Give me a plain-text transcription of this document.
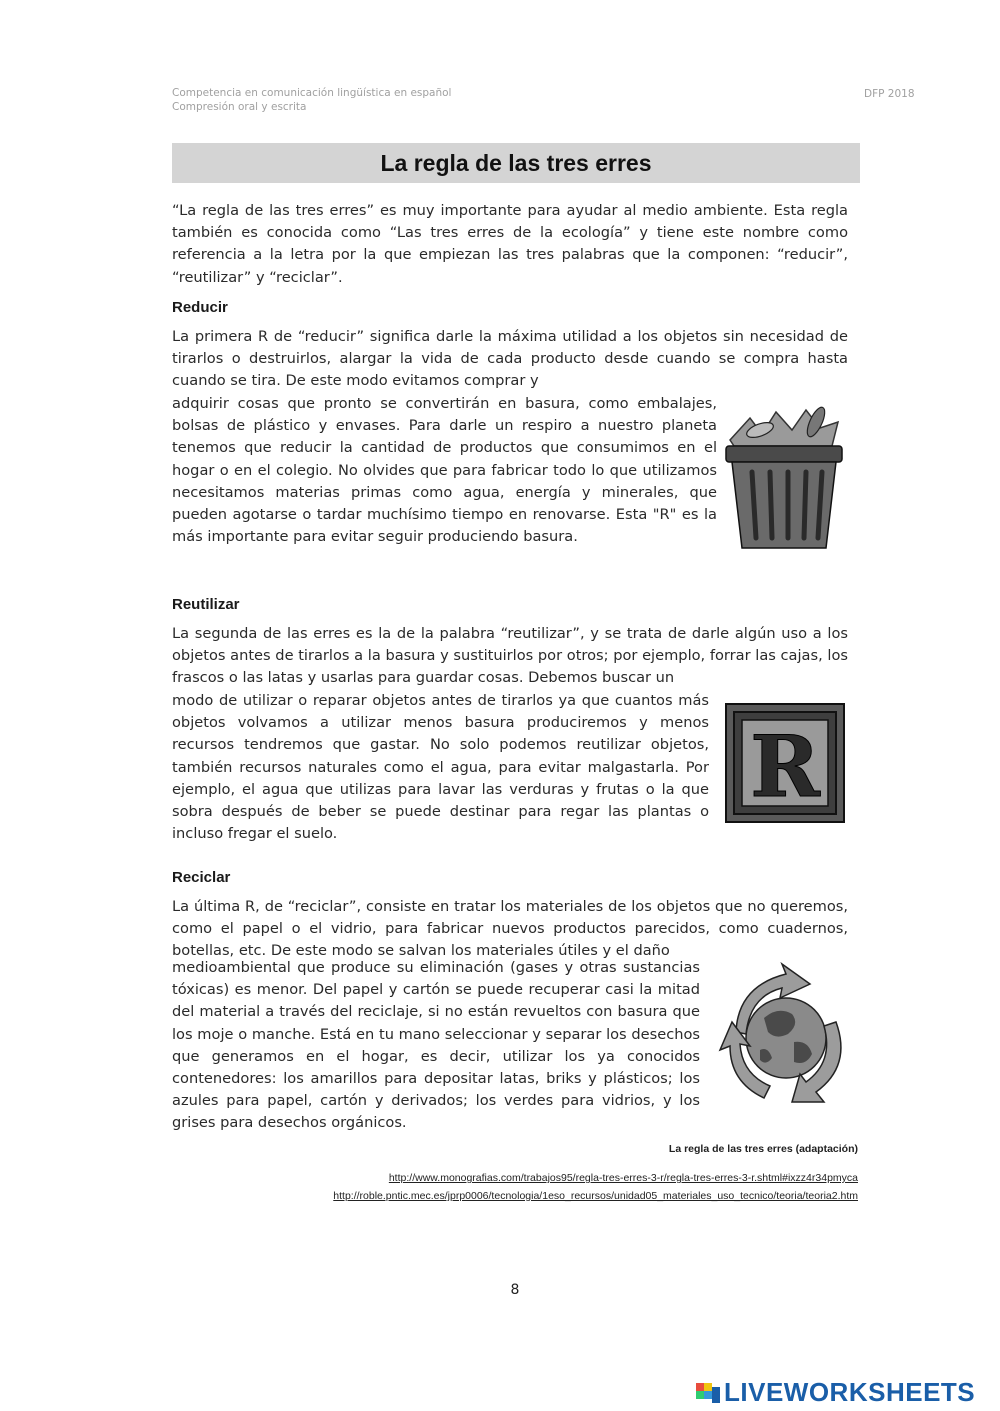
Competencia en comunicación lingüística en español
Compresión oral y escrita
DFP 2018
La regla de las tres erres
“La regla de las tres erres” es muy importante para ayudar al medio ambiente. Esta regla también es conocida como “Las tres erres de la ecología” y tiene este nombre como referencia a la letra por la que empiezan las tres palabras que la componen: “reducir”, “reutilizar” y “reciclar”.
Reducir
La primera R de “reducir” significa darle la máxima utilidad a los objetos sin necesidad de tirarlos o destruirlos, alargar la vida de cada producto desde cuando se compra hasta cuando se tira. De este modo evitamos comprar y
adquirir cosas que pronto se convertirán en basura, como embalajes, bolsas de plástico y envases. Para darle un respiro a nuestro planeta tenemos que reducir la cantidad de productos que consumimos en el hogar o en el colegio. No olvides que para fabricar todo lo que utilizamos necesitamos materias primas como agua, energía y minerales, que pueden agotarse o tardar muchísimo tiempo en renovarse. Esta "R" es la más importante para evitar seguir produciendo basura.
Reutilizar
La segunda de las erres es la de la palabra “reutilizar”, y se trata de darle algún uso a los objetos antes de tirarlos a la basura y sustituirlos por otros; por ejemplo, forrar las cajas, los frascos o las latas y usarlas para guardar cosas. Debemos buscar un
modo de utilizar o reparar objetos antes de tirarlos ya que cuantos más objetos volvamos a utilizar menos basura produciremos y menos recursos tendremos que gastar. No solo podemos reutilizar objetos, también recursos naturales como el agua, para evitar malgastarla. Por ejemplo, el agua que utilizas para lavar las verduras y frutas o la que sobra después de beber se puede destinar para regar las plantas o incluso fregar el suelo.
R
Reciclar
La última R, de “reciclar”, consiste en tratar los materiales de los objetos que no queremos, como el papel o el vidrio, para fabricar nuevos productos parecidos, como cuadernos, botellas, etc. De este modo se salvan los materiales útiles y el daño
medioambiental que produce su eliminación (gases y otras sustancias tóxicas) es menor. Del papel y cartón se puede recuperar casi la mitad del material a través del reciclaje, si no están revueltos con basura que los moje o manche. Está en tu mano seleccionar y separar los desechos que generamos en el hogar, es decir, utilizar los ya conocidos contenedores: los amarillos para depositar latas, briks y plásticos; los azules para papel, cartón y derivados; los verdes para vidrios, y los grises para desechos orgánicos.
La regla de las tres erres (adaptación)
http://www.monografias.com/trabajos95/regla-tres-erres-3-r/regla-tres-erres-3-r.shtml#ixzz4r34pmyca
http://roble.pntic.mec.es/jprp0006/tecnologia/1eso_recursos/unidad05_materiales_uso_tecnico/teoria/teoria2.htm
8
LIVEWORKSHEETS
